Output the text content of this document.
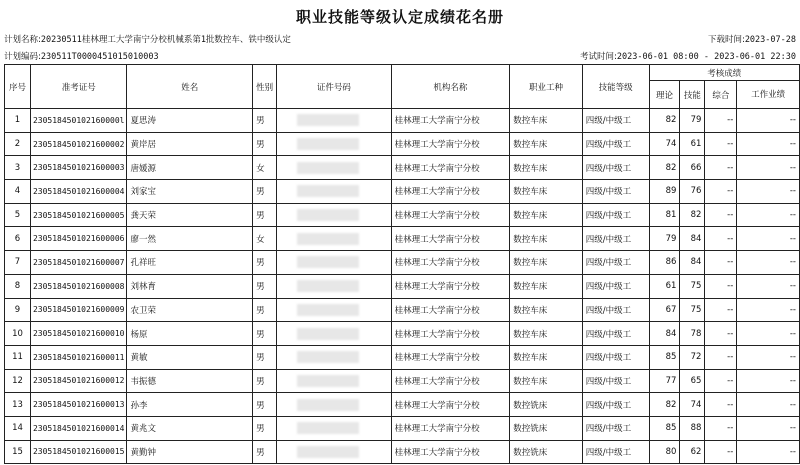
职业技能等级认定成绩花名册
计划名称:20230511桂林理工大学南宁分校机械系第1批数控车、铁中级认定	下载时间:2023-07-28
计划编码:230511T0000451015010003	考试时间:2023-06-01 08:00 - 2023-06-01 22:30
序号	准考证号	姓名	性别	证件号码	机构名称	职业工种	技能等级	考核成绩			
								理论	技能	综合	工作业绩
1	230518450102160000l	夏思涛	男		桂林理工大学南宁分校	数控车床	四级/中级工	82	79	--	--
2	2305184501021600002	黄岸居	男		桂林理工大学南宁分校	数控车床	四级/中级工	74	61	--	--
3	2305184501021600003	唐媛源	女		桂林理工大学南宁分校	数控车床	四级/中级工	82	66	--	--
4	2305184501021600004	刘家宝	男		桂林理工大学南宁分校	数控车床	四级/中级工	89	76	--	--
5	2305184501021600005	龚天荣	男		桂林理工大学南宁分校	数控车床	四级/中级工	81	82	--	--
6	2305184501021600006	廖一然	女		桂林理工大学南宁分校	数控车床	四级/中级工	79	84	--	--
7	2305184501021600007	孔祥旺	男		桂林理工大学南宁分校	数控车床	四级/中级工	86	84	--	--
8	2305184501021600008	刘林育	男		桂林理工大学南宁分校	数控车床	四级/中级工	61	75	--	--
9	2305184501021600009	农卫荣	男		桂林理工大学南宁分校	数控车床	四级/中级工	67	75	--	--
10	2305184501021600010	杨原	男		桂林理工大学南宁分校	数控车床	四级/中级工	84	78	--	--
11	2305184501021600011	黄敏	男		桂林理工大学南宁分校	数控车床	四级/中级工	85	72	--	--
12	2305184501021600012	韦振德	男		桂林理工大学南宁分校	数控车床	四级/中级工	77	65	--	--
13	2305184501021600013	孙李	男		桂林理工大学南宁分校	数控铣床	四级/中级工	82	74	--	--
14	2305184501021600014	黄兆文	男		桂林理工大学南宁分校	数控铣床	四级/中级工	85	88	--	--
15	2305184501021600015	黄勤钟	男		桂林理工大学南宁分校	数控铣床	四级/中级工	80	62	--	--
